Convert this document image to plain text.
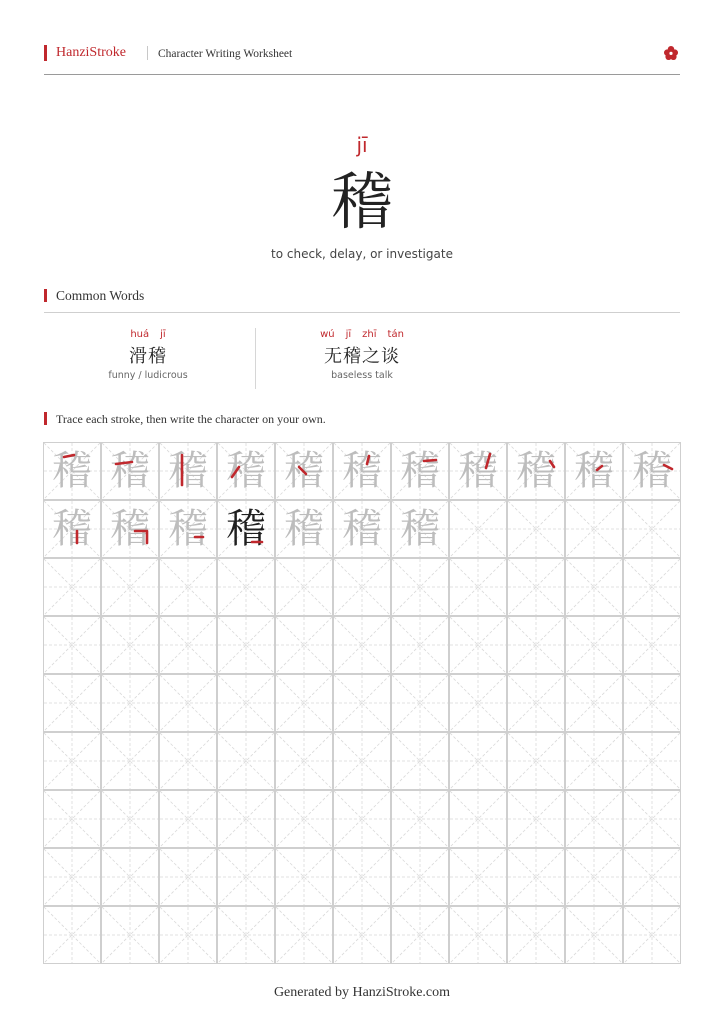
HanziStroke	Character Writing Worksheet
jī
稽
to check, delay, or investigate
Common Words
huá jī
滑稽
funny / ludicrous
wú jī zhī tán
无稽之谈
baseless talk
Trace each stroke, then write the character on your own.
稽 稽 稽 稽 稽 稽 稽 稽 稽 稽 稽
稽 稽 稽 稽 稽 稽 稽
Generated by HanziStroke.com
